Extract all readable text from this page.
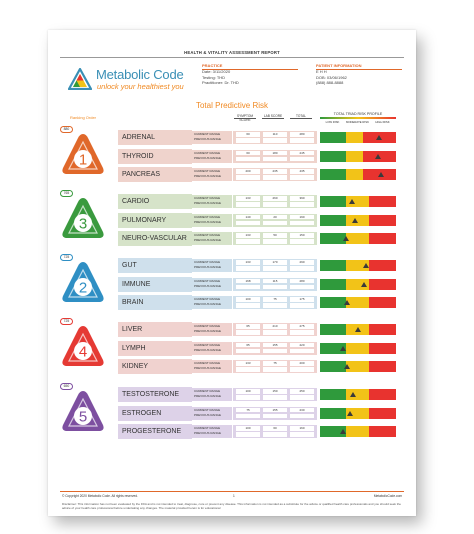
HEALTH & VITALITY ASSESSMENT REPORT
Metabolic Code
unlock your healthiest you
PRACTICE
Date: 3/11/2020
Testing: THD
Practitioner: Dr. THD
PATIENT INFORMATION
E H H
DOB: 03/06/1962
(888) 888-8888
Total Predictive Risk
Ranking Order	SYMPTOM SCORE
LAB SCORE	TOTAL	TOTAL TRIAD RISK PROFILE
LOW RISK	MODERATE RISK	HIGH RISK
1
880
ADRENAL	CURRENT RANGE
PREVIOUS RANGE
60	110	280
THYROID	CURRENT RANGE
PREVIOUS RANGE
60	180	245
PANCREAS	CURRENT RANGE
PREVIOUS RANGE
200	235	435
3
765
CARDIO	CURRENT RANGE
PREVIOUS RANGE
133	260	390
PULMONARY	CURRENT RANGE
PREVIOUS RANGE
140	20	190
NEURO-VASCULAR	CURRENT RANGE
PREVIOUS RANGE
133	50	150
2
725
GUT	CURRENT RANGE
PREVIOUS RANGE
133	170	290
IMMUNE	CURRENT RANGE
PREVIOUS RANGE
168	115	280
BRAIN	CURRENT RANGE
PREVIOUS RANGE
100	75	175
4
725
LIVER	CURRENT RANGE
PREVIOUS RANGE
65	210	275
LYMPH	CURRENT RANGE
PREVIOUS RANGE
65	155	220
KIDNEY	CURRENT RANGE
PREVIOUS RANGE
133	75	200
5
650
TESTOSTERONE	CURRENT RANGE
PREVIOUS RANGE
100	150	250
ESTROGEN	CURRENT RANGE
PREVIOUS RANGE
75	155	230
PROGESTERONE	CURRENT RANGE
PREVIOUS RANGE
100	60	160
© Copyright 2020 Metabolic Code. All rights reserved.	1	MetabolicCode.com
Disclaimer: This information has not been evaluated by the FDA and is not intended to treat, diagnose, cure or prevent any disease. This information is not intended as a substitute for the advice or qualified health care professionals and you should seek the advice of your health care professional before undertaking any changes. The material provided herein is for educational
